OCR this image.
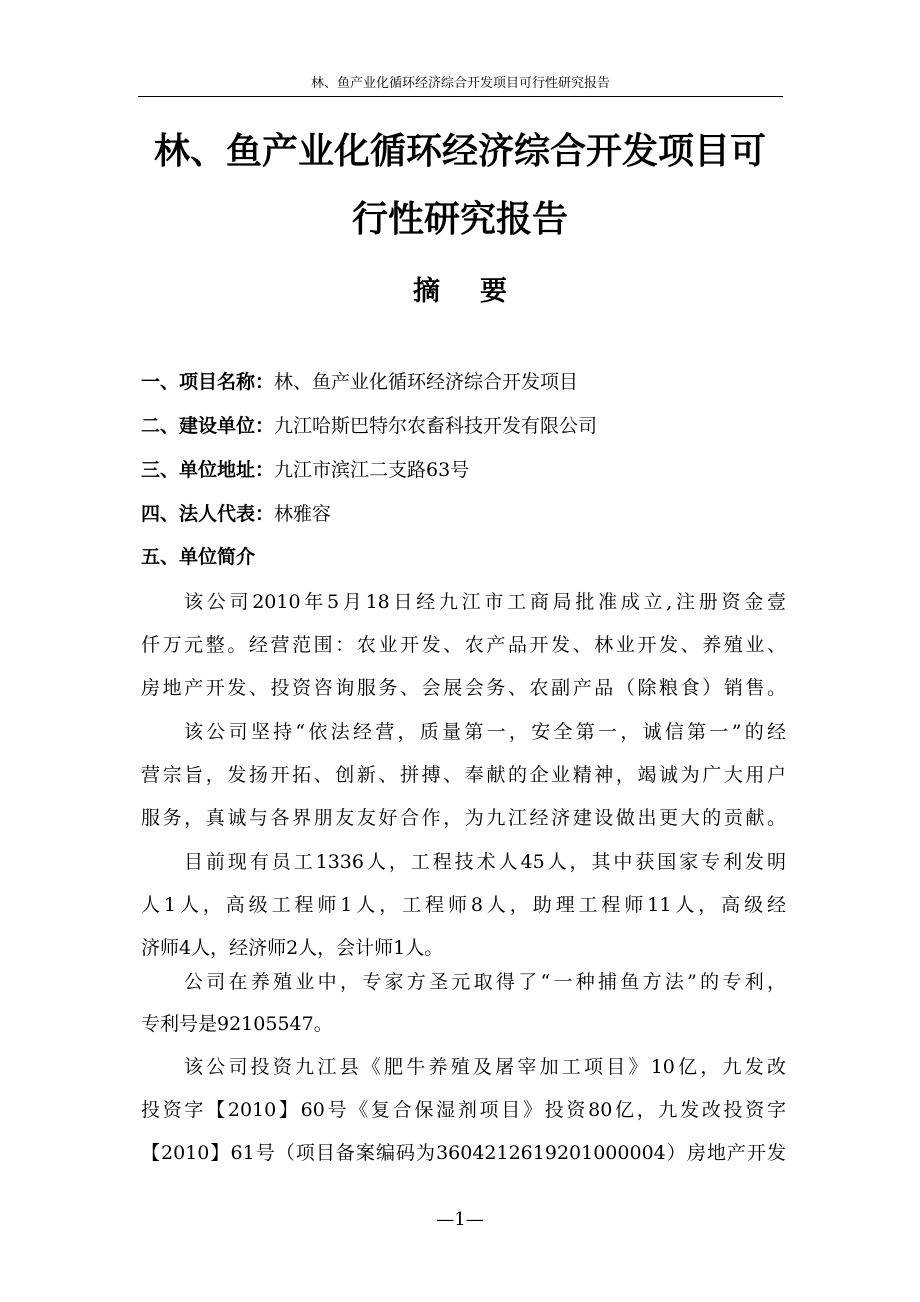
林、鱼产业化循环经济综合开发项目可行性研究报告
林、鱼产业化循环经济综合开发项目可
行性研究报告
摘要
一、项目名称：林、鱼产业化循环经济综合开发项目
二、建设单位：九江哈斯巴特尔农畜科技开发有限公司
三、单位地址：九江市滨江二支路63号
四、法人代表：林雅容
五、单位简介
该公司2010年5月18日经九江市工商局批准成立,注册资金壹
仟万元整。经营范围：农业开发、农产品开发、林业开发、养殖业、
房地产开发、投资咨询服务、会展会务、农副产品（除粮食）销售。
该公司坚持“依法经营，质量第一，安全第一，诚信第一”的经
营宗旨，发扬开拓、创新、拼搏、奉献的企业精神，竭诚为广大用户
服务，真诚与各界朋友友好合作，为九江经济建设做出更大的贡献。
目前现有员工1336人，工程技术人45人，其中获国家专利发明
人1人，高级工程师1人，工程师8人，助理工程师11人，高级经
济师4人，经济师2人，会计师1人。
公司在养殖业中，专家方圣元取得了“一种捕鱼方法”的专利，
专利号是92105547。
该公司投资九江县《肥牛养殖及屠宰加工项目》10亿，九发改
投资字【2010】60号《复合保湿剂项目》投资80亿，九发改投资字
【2010】61号（项目备案编码为3604212619201000004）房地产开发
—1—
